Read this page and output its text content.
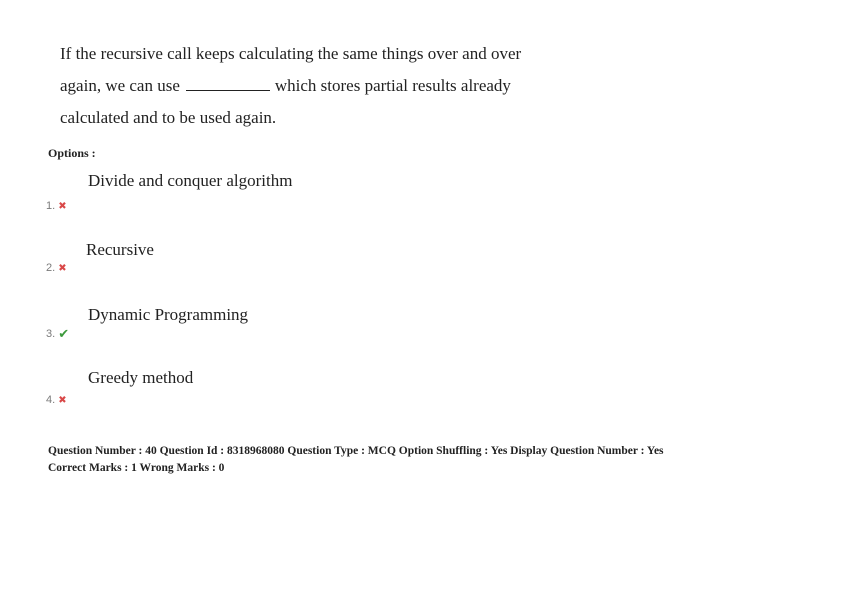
If the recursive call keeps calculating the same things over and over
again, we can use	which stores partial results already
calculated and to be used again.
Options :
Divide and conquer algorithm
1. ✖
Recursive
2. ✖
Dynamic Programming
3. ✔
Greedy method
4. ✖
Question Number : 40 Question Id : 8318968080 Question Type : MCQ Option Shuffling : Yes Display Question Number : Yes
Correct Marks : 1 Wrong Marks : 0
